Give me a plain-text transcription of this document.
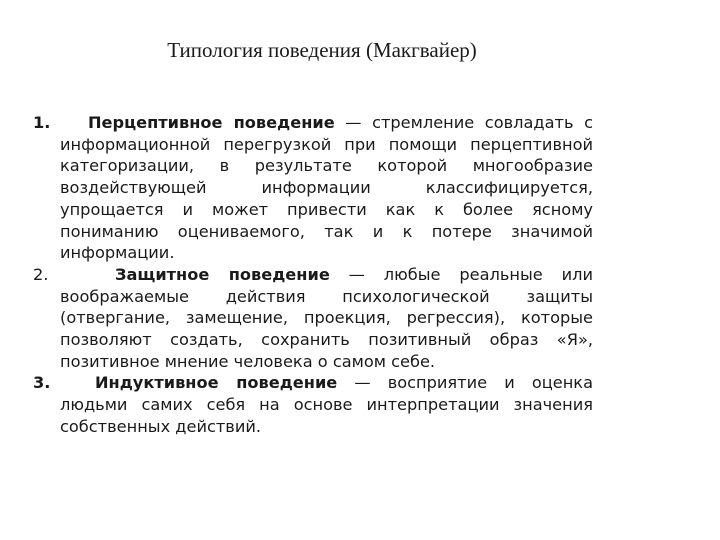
Типология поведения (Макгвайер)
1. Перцептивное поведение — стремление совладать с информационной перегрузкой при помощи перцептивной категоризации, в результате которой многообразие воздействующей информации классифицируется, упрощается и может привести как к более ясному пониманию оцениваемого, так и к потере значимой информации.
2.	Защитное поведение — любые реальные или воображаемые действия психологической защиты (отвергание, замещение, проекция, регрессия), которые позволяют создать, сохранить позитивный образ «Я», позитивное мнение человека о самом себе.
3.	Индуктивное поведение — восприятие и оценка людьми самих себя на основе интерпретации значения собственных действий.
